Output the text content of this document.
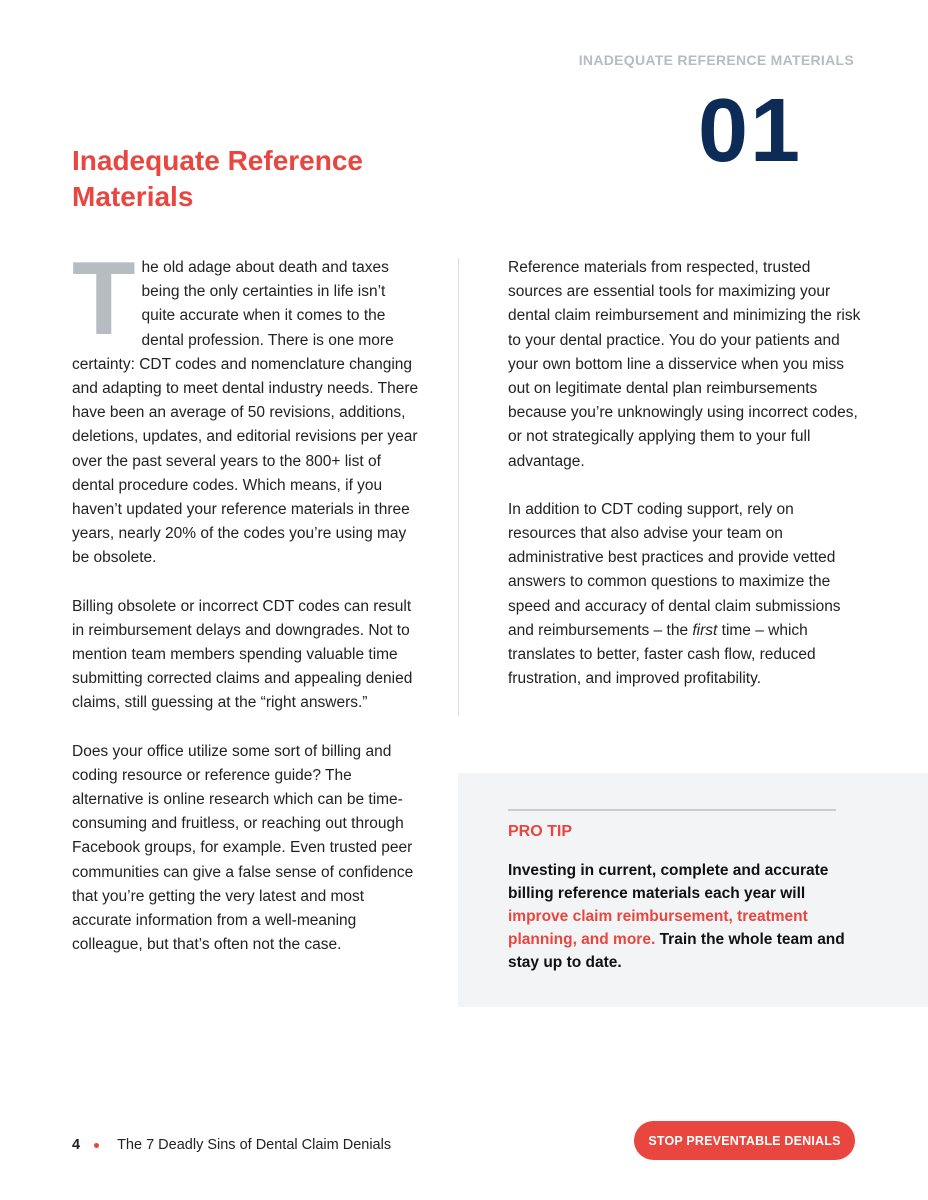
INADEQUATE REFERENCE MATERIALS
01
Inadequate Reference Materials

The old adage about death and taxes being the only certainties in life isn’t quite accurate when it comes to the dental profession. There is one more certainty: CDT codes and nomenclature changing and adapting to meet dental industry needs. There have been an average of 50 revisions, additions, deletions, updates, and editorial revisions per year over the past several years to the 800+ list of dental procedure codes. Which means, if you haven’t updated your reference materials in three years, nearly 20% of the codes you’re using may be obsolete.

Billing obsolete or incorrect CDT codes can result in reimbursement delays and downgrades. Not to mention team members spending valuable time submitting corrected claims and appealing denied claims, still guessing at the “right answers.”

Does your office utilize some sort of billing and coding resource or reference guide? The alternative is online research which can be time-consuming and fruitless, or reaching out through Facebook groups, for example. Even trusted peer communities can give a false sense of confidence that you’re getting the very latest and most accurate information from a well-meaning colleague, but that’s often not the case.

Reference materials from respected, trusted sources are essential tools for maximizing your dental claim reimbursement and minimizing the risk to your dental practice. You do your patients and your own bottom line a disservice when you miss out on legitimate dental plan reimbursements because you’re unknowingly using incorrect codes, or not strategically applying them to your full advantage.

In addition to CDT coding support, rely on resources that also advise your team on administrative best practices and provide vetted answers to common questions to maximize the speed and accuracy of dental claim submissions and reimbursements – the first time – which translates to better, faster cash flow, reduced frustration, and improved profitability.

PRO TIP

Investing in current, complete and accurate billing reference materials each year will improve claim reimbursement, treatment planning, and more. Train the whole team and stay up to date.

4	The 7 Deadly Sins of Dental Claim Denials	STOP PREVENTABLE DENIALS
